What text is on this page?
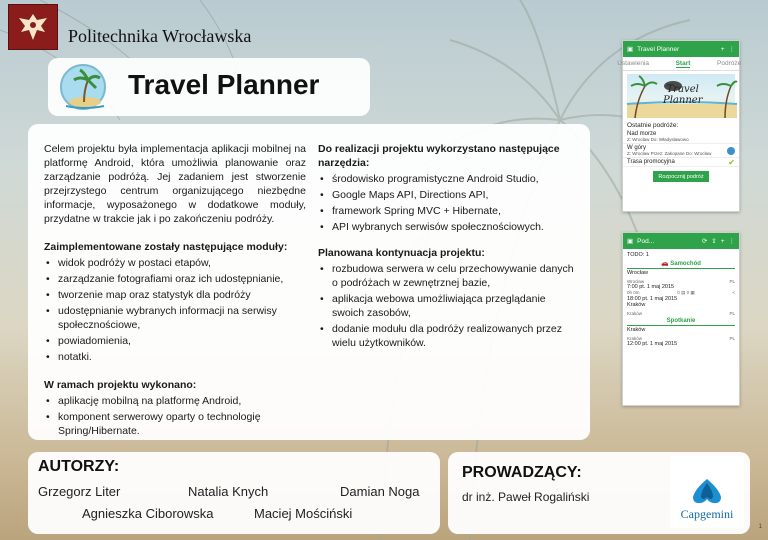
Politechnika Wrocławska
Travel Planner

Celem projektu była implementacja aplikacji mobilnej na platformę Android, która umożliwia planowanie oraz zarządzanie podróżą. Jej zadaniem jest stworzenie przejrzystego centrum organizującego niezbędne informacje, wyposażonego w dodatkowe moduły, przydatne w trakcie jak i po zakończeniu podróży.

Zaimplementowane zostały następujące moduły:
• widok podróży w postaci etapów,
• zarządzanie fotografiami oraz ich udostępnianie,
• tworzenie map oraz statystyk dla podróży
• udostępnianie wybranych informacji na serwisy społecznościowe,
• powiadomienia,
• notatki.
W ramach projektu wykonano:
• aplikację mobilną na platformę Android,
• komponent serwerowy oparty o technologię Spring/Hibernate.
Do realizacji projektu wykorzystano następujące narzędzia:
• środowisko programistyczne Android Studio,
• Google Maps API, Directions API,
• framework Spring MVC + Hibernate,
• API wybranych serwisów społecznościowych.
Planowana kontynuacja projektu:
• rozbudowa serwera w celu przechowywanie danych o podróżach w zewnętrznej bazie,
• aplikacja webowa umożliwiająca przeglądanie swoich zasobów,
• dodanie modułu dla podróży realizowanych przez wielu użytkowników.
▣ Travel Planner	+ ⋮
Ustawienia	Start	Podróże
Travel
Planner
Ostatnie podróże:
Nad morze
Z: Wrocław Do: Władysławowo
W góry
Z: Wrocław Przez: Zakopane Do: Wrocław
Trasa promocyjna	✔
Rozpocznij podróż
▣ Pod...	⟳ ⇪ + ⋮
TODO: 1
🚗 Samochód
Wrocław
Wrocław	PL
7:00 pt. 1 maj 2015
0h 0m	0 ▤ 0 ▦	<
18:00 pt. 1 maj 2015
Kraków
Kraków	PL
Spotkanie
Kraków
Kraków	PL
12:00 pt. 1 maj 2015
AUTORZY:
Grzegorz Liter	Natalia Knych	Damian Noga
Agnieszka Ciborowska	Maciej Mościński
PROWADZĄCY:
dr inż. Paweł Rogaliński
Capgemini
1
